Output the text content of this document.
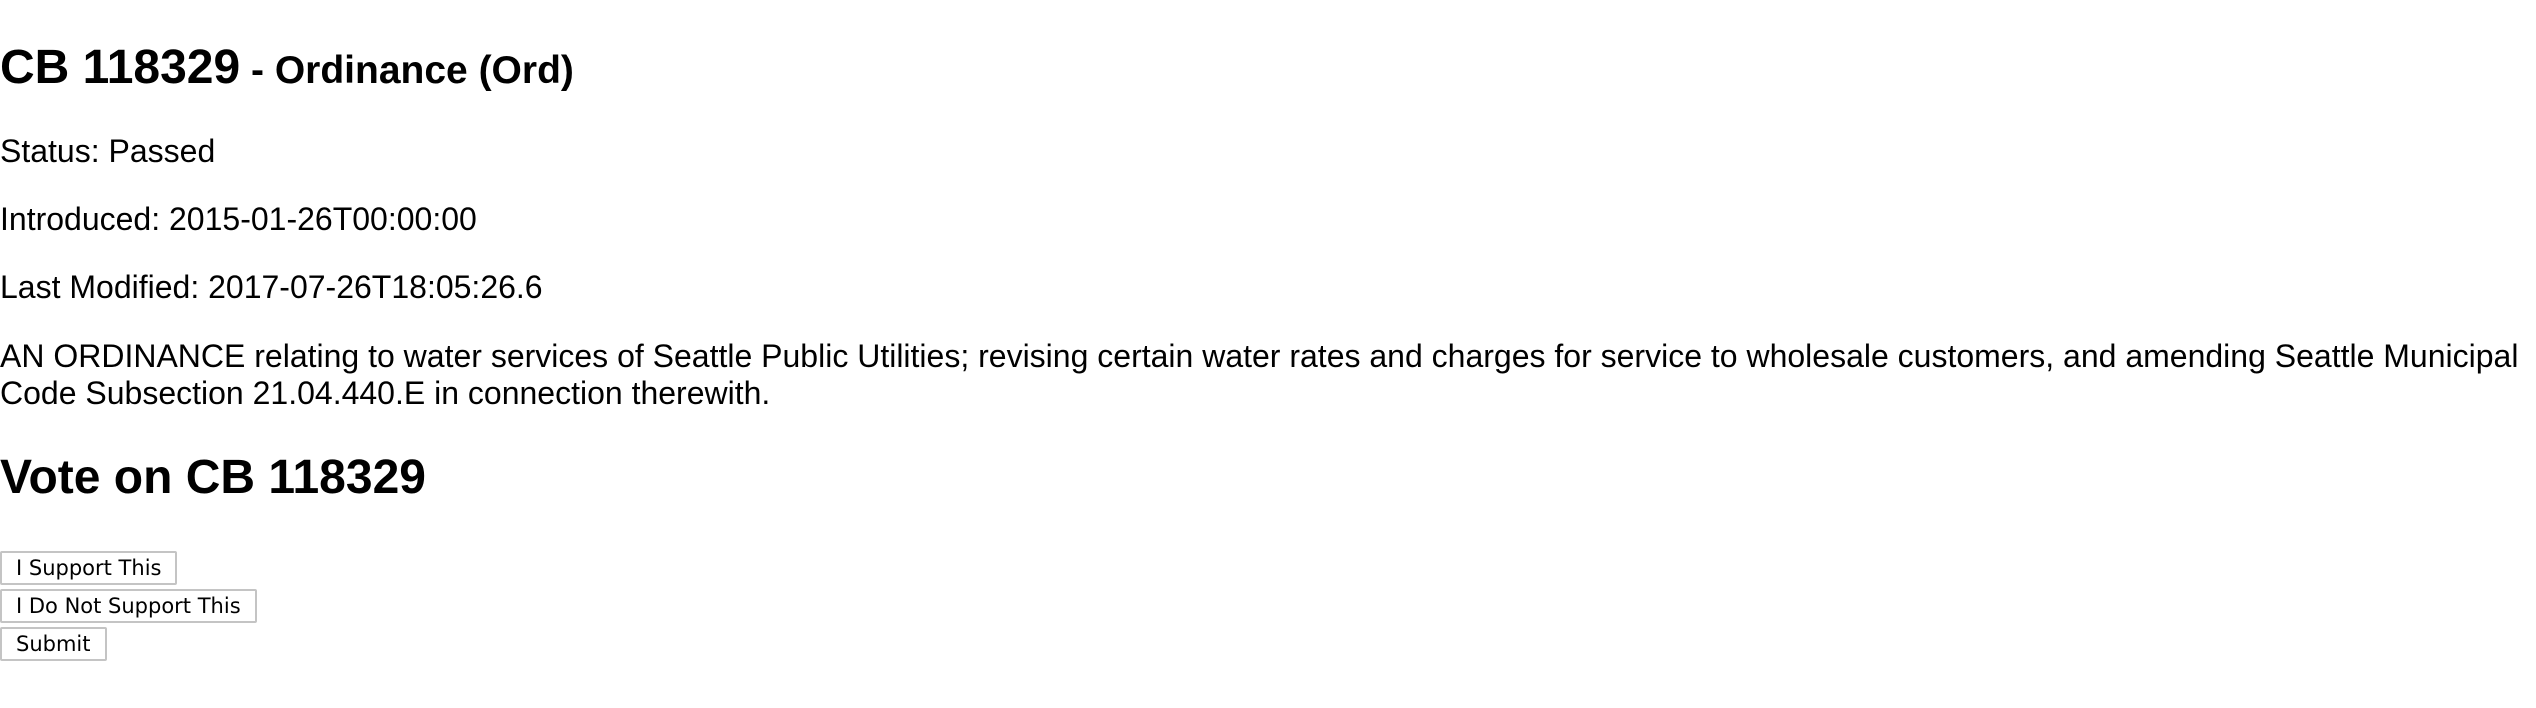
CB 118329 - Ordinance (Ord)

Status: Passed

Introduced: 2015-01-26T00:00:00

Last Modified: 2017-07-26T18:05:26.6

AN ORDINANCE relating to water services of Seattle Public Utilities; revising certain water rates and charges for service to wholesale customers, and amending Seattle Municipal Code Subsection 21.04.440.E in connection therewith.

Vote on CB 118329
I Support This
I Do Not Support This
Submit
